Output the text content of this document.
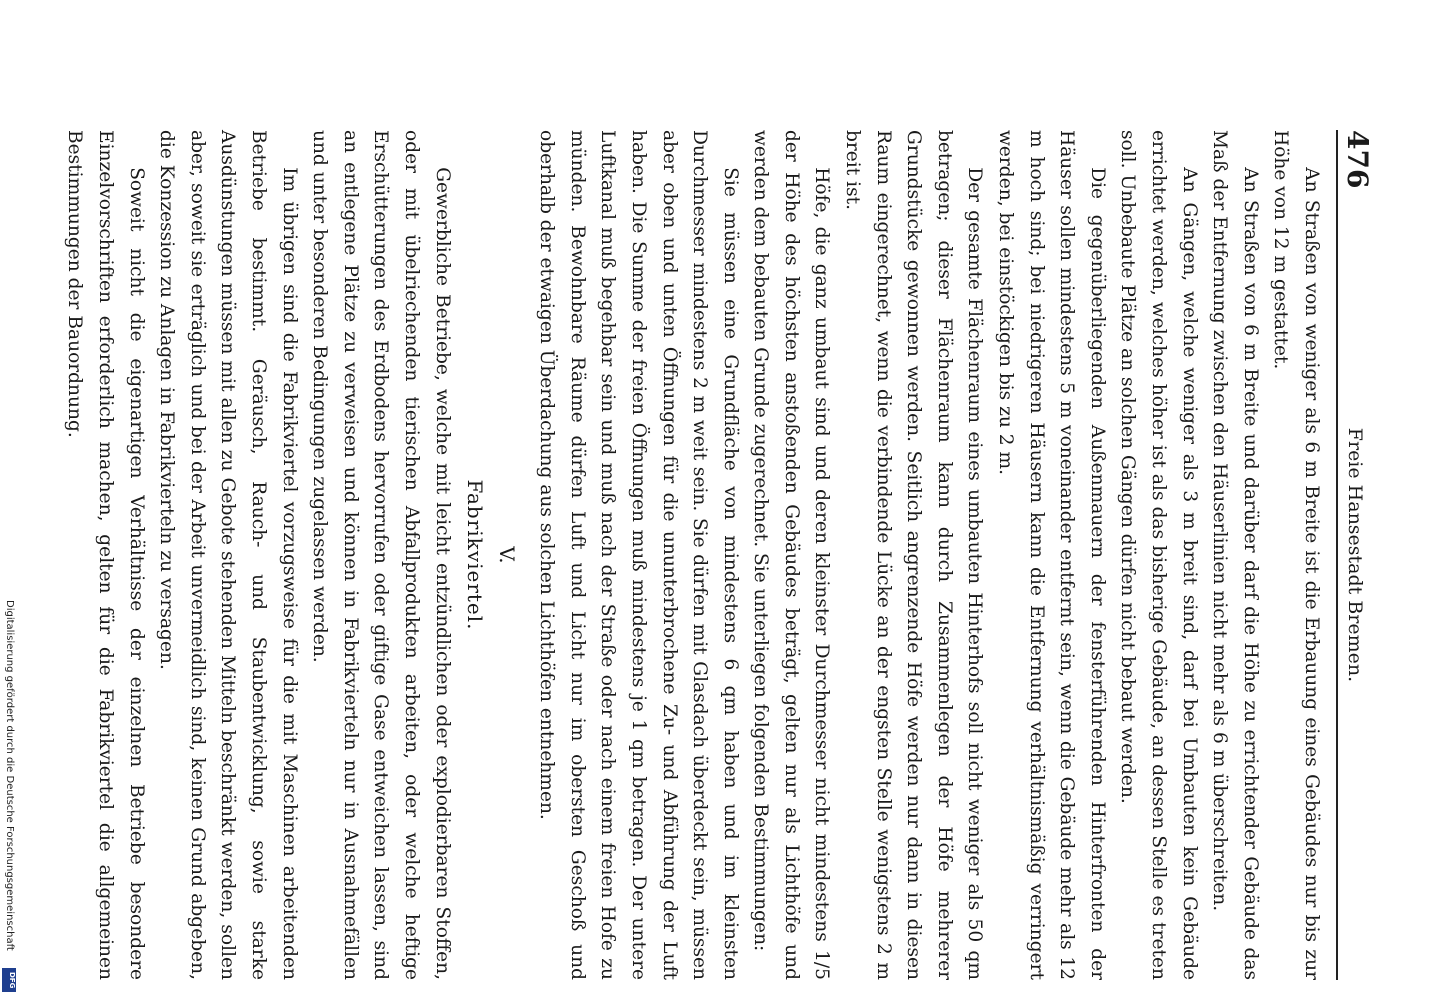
476
Freie Hansestadt Bremen.

An Straßen von weniger als 6 m Breite ist die Erbauung eines Gebäudes nur bis zur Höhe von 12 m gestattet.

An Straßen von 6 m Breite und darüber darf die Höhe zu errichtender Gebäude das Maß der Entfernung zwischen den Häuserlinien nicht mehr als 6 m überschreiten.

An Gängen, welche weniger als 3 m breit sind, darf bei Umbauten kein Gebäude errichtet werden, welches höher ist als das bisherige Gebäude, an dessen Stelle es treten soll. Unbebaute Plätze an solchen Gängen dürfen nicht bebaut werden.

Die gegenüberliegenden Außenmauern der fensterführenden Hinterfronten der Häuser sollen mindestens 5 m voneinander entfernt sein, wenn die Gebäude mehr als 12 m hoch sind; bei niedrigeren Häusern kann die Entfernung verhältnismäßig verringert werden, bei einstöckigen bis zu 2 m.

Der gesamte Flächenraum eines umbauten Hinterhofs soll nicht weniger als 50 qm betragen; dieser Flächenraum kann durch Zusammenlegen der Höfe mehrerer Grundstücke gewonnen werden. Seitlich angrenzende Höfe werden nur dann in diesen Raum eingerechnet, wenn die verbindende Lücke an der engsten Stelle wenigstens 2 m breit ist.

Höfe, die ganz umbaut sind und deren kleinster Durchmesser nicht mindestens 1/5 der Höhe des höchsten anstoßenden Gebäudes beträgt, gelten nur als Lichthöfe und werden dem bebauten Grunde zugerechnet. Sie unterliegen folgenden Bestimmungen:

Sie müssen eine Grundfläche von mindestens 6 qm haben und im kleinsten Durchmesser mindestens 2 m weit sein. Sie dürfen mit Glasdach überdeckt sein, müssen aber oben und unten Öffnungen für die ununterbrochene Zu- und Abführung der Luft haben. Die Summe der freien Öffnungen muß mindestens je 1 qm betragen. Der untere Luftkanal muß begehbar sein und muß nach der Straße oder nach einem freien Hofe zu münden. Bewohnbare Räume dürfen Luft und Licht nur im obersten Geschoß und oberhalb der etwaigen Überdachung aus solchen Lichthöfen entnehmen.

V.
Fabrikviertel.

Gewerbliche Betriebe, welche mit leicht entzündlichen oder explodierbaren Stoffen, oder mit übelriechenden tierischen Abfallprodukten arbeiten, oder welche heftige Erschütterungen des Erdbodens hervorrufen oder giftige Gase entweichen lassen, sind an entlegene Plätze zu verweisen und können in Fabrikvierteln nur in Ausnahmefällen und unter besonderen Bedingungen zugelassen werden.

Im übrigen sind die Fabrikviertel vorzugsweise für die mit Maschinen arbeitenden Betriebe bestimmt. Geräusch, Rauch- und Staubentwicklung, sowie starke Ausdünstungen müssen mit allen zu Gebote stehenden Mitteln beschränkt werden, sollen aber, soweit sie erträglich und bei der Arbeit unvermeidlich sind, keinen Grund abgeben, die Konzession zu Anlagen in Fabrikvierteln zu versagen.

Soweit nicht die eigenartigen Verhältnisse der einzelnen Betriebe besondere Einzelvorschriften erforderlich machen, gelten für die Fabrikviertel die allgemeinen Bestimmungen der Bauordnung.

Digitalisierung gefördert durch die Deutsche Forschungsgemeinschaft
DFG
